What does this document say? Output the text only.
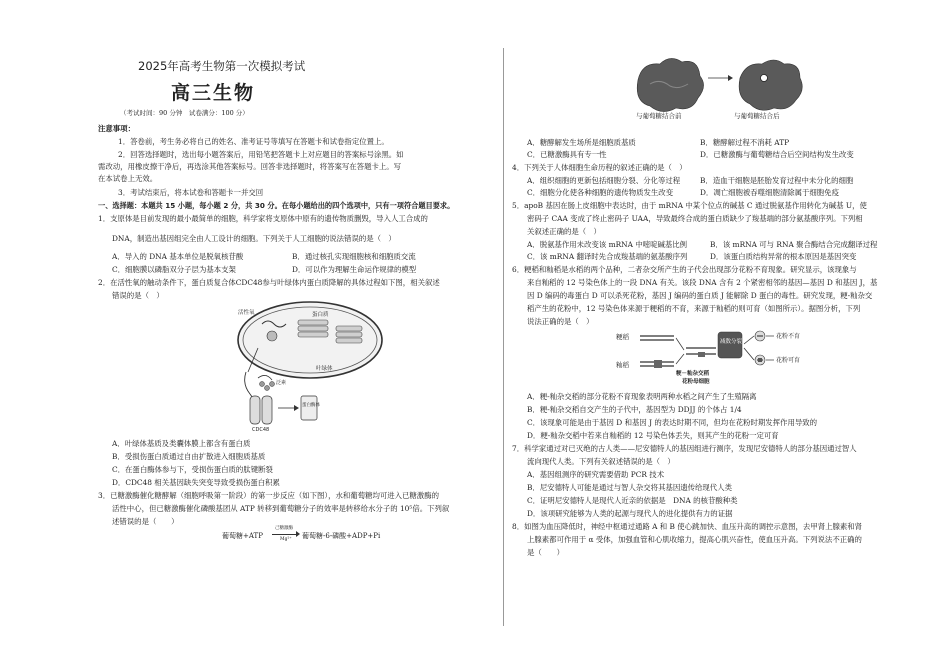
2025年高考生物第一次模拟考试
高三生物
（考试时间：90 分钟　试卷满分：100 分）
注意事项：
1．答卷前，考生务必将自己的姓名、准考证号等填写在答题卡和试卷指定位置上。
2．回答选择题时，选出每小题答案后，用铅笔把答题卡上对应题目的答案标号涂黑。如
需改动，用橡皮擦干净后，再选涂其他答案标号。回答非选择题时，将答案写在答题卡上。写
在本试卷上无效。
3．考试结束后，将本试卷和答题卡一并交回
一、选择题：本题共 15 小题，每小题 2 分，共 30 分。在每小题给出的四个选项中，只有一项符合题目要求。
1．支原体是目前发现的最小最简单的细胞，科学家将支原体中原有的遗传物质删毁，导入人工合成的
DNA，制造出基因组完全由人工设计的细胞。下列关于人工细胞的说法错误的是（　）
A．导入的 DNA 基本单位是脱氧核苷酸	B．通过核孔实现细胞核和细胞质交流
C．细胞膜以磷脂双分子层为基本支架	D．可以作为理解生命运作规律的模型
2．在活性氧的触动条件下，蛋白质复合体CDC48参与叶绿体内蛋白质降解的具体过程如下图，相关叙述
错误的是（　）
活性氧	蛋白质
叶绿体
泛素
蛋白酶体
CDC48
A．叶绿体基质及类囊体膜上都含有蛋白质
B．受损伤蛋白质通过自由扩散进入细胞质基质
C．在蛋白酶体参与下，受损伤蛋白质的肽键断裂
D．CDC48 相关基因缺失突变导致受损伤蛋白积累
3．已糖激酶催化糖酵解（细胞呼吸第一阶段）的第一步反应（如下图），水和葡萄糖均可进入已糖激酶的
活性中心，但已糖激酶催化磷酸基团从 ATP 转移到葡萄糖分子的效率是转移给水分子的 10⁵倍。下列叙
述错误的是（　　）
葡萄糖+ATP
己糖激酶
Mg²⁺ 葡萄糖-6-磷酸+ADP+Pi
与葡萄糖结合前	与葡萄糖结合后
A．糖酵解发生场所是细胞质基质	B．糖酵解过程不消耗 ATP
C．已糖激酶具有专一性	D．已糖激酶与葡萄糖结合后空间结构发生改变
4．下列关于人体细胞生命历程的叙述正确的是（　）
A．组织细胞的更新包括细胞分裂、分化等过程	B．造血干细胞是胚胎发育过程中未分化的细胞
C．细胞分化使各种细胞的遗传物质发生改变	D．凋亡细胞被吞噬细胞清除属于细胞免疫
5．apoB 基因在肠上皮细胞中表达时，由于 mRNA 中某个位点的碱基 C 通过脱氨基作用转化为碱基 U，使
密码子 CAA 变成了终止密码子 UAA，导致最终合成的蛋白质缺少了羧基端的部分氨基酸序列。下列相
关叙述正确的是（　）
A．脱氨基作用未改变该 mRNA 中嘧啶碱基比例	B．该 mRNA 可与 RNA 聚合酶结合完成翻译过程
C．该 mRNA 翻译时先合成羧基端的氨基酸序列	D．该蛋白质结构异常的根本原因是基因突变
6．粳稻和籼稻是水稻的两个品种，二者杂交所产生的子代会出现部分花粉不育现象。研究显示，该现象与
来自籼稻的 12 号染色体上的一段 DNA 有关。该段 DNA 含有 2 个紧密相邻的基因—基因 D 和基因 J，基
因 D 编码的毒蛋白 D 可以杀死花粉，基因 J 编码的蛋白质 J 能解除 D 蛋白的毒性。研究发现，粳-籼杂交
稻产生的花粉中，12 号染色体来源于粳稻的不育，来源于籼稻的则可育（如图所示）。据图分析，下列
说法正确的是（　）
粳稻
籼稻
粳－籼杂交稻
花粉母细胞
减数分裂
花粉不育
花粉可育
A．粳-籼杂交稻的部分花粉不育现象表明两种水稻之间产生了生殖隔离
B．粳-籼杂交稻自交产生的子代中，基因型为 DDJJ 的个体占 1/4
C．该现象可能是由于基因 D 和基因 J 的表达时期不同，但均在花粉时期发挥作用导致的
D．粳-籼杂交稻中若来自籼稻的 12 号染色体丢失，则其产生的花粉一定可育
7．科学家通过对已灭绝的古人类——尼安德特人的基因组进行测序，发现尼安德特人的部分基因通过智人
流向现代人类。下列有关叙述错误的是（　）
A．基因组测序的研究需要借助 PCR 技术
B．尼安德特人可能是通过与智人杂交将其基因遗传给现代人类
C．证明尼安德特人是现代人近亲的依据是　DNA 的核苷酸种类
D．该项研究能够为人类的起源与现代人的进化提供有力的证据
8．如图为血压降低时，神经中枢通过通路 A 和 B 使心跳加快、血压升高的调控示意图，去甲肾上腺素和肾
上腺素都可作用于 α 受体，加强血管和心肌收缩力，提高心肌兴奋性，使血压升高。下列说法不正确的
是（　　）
